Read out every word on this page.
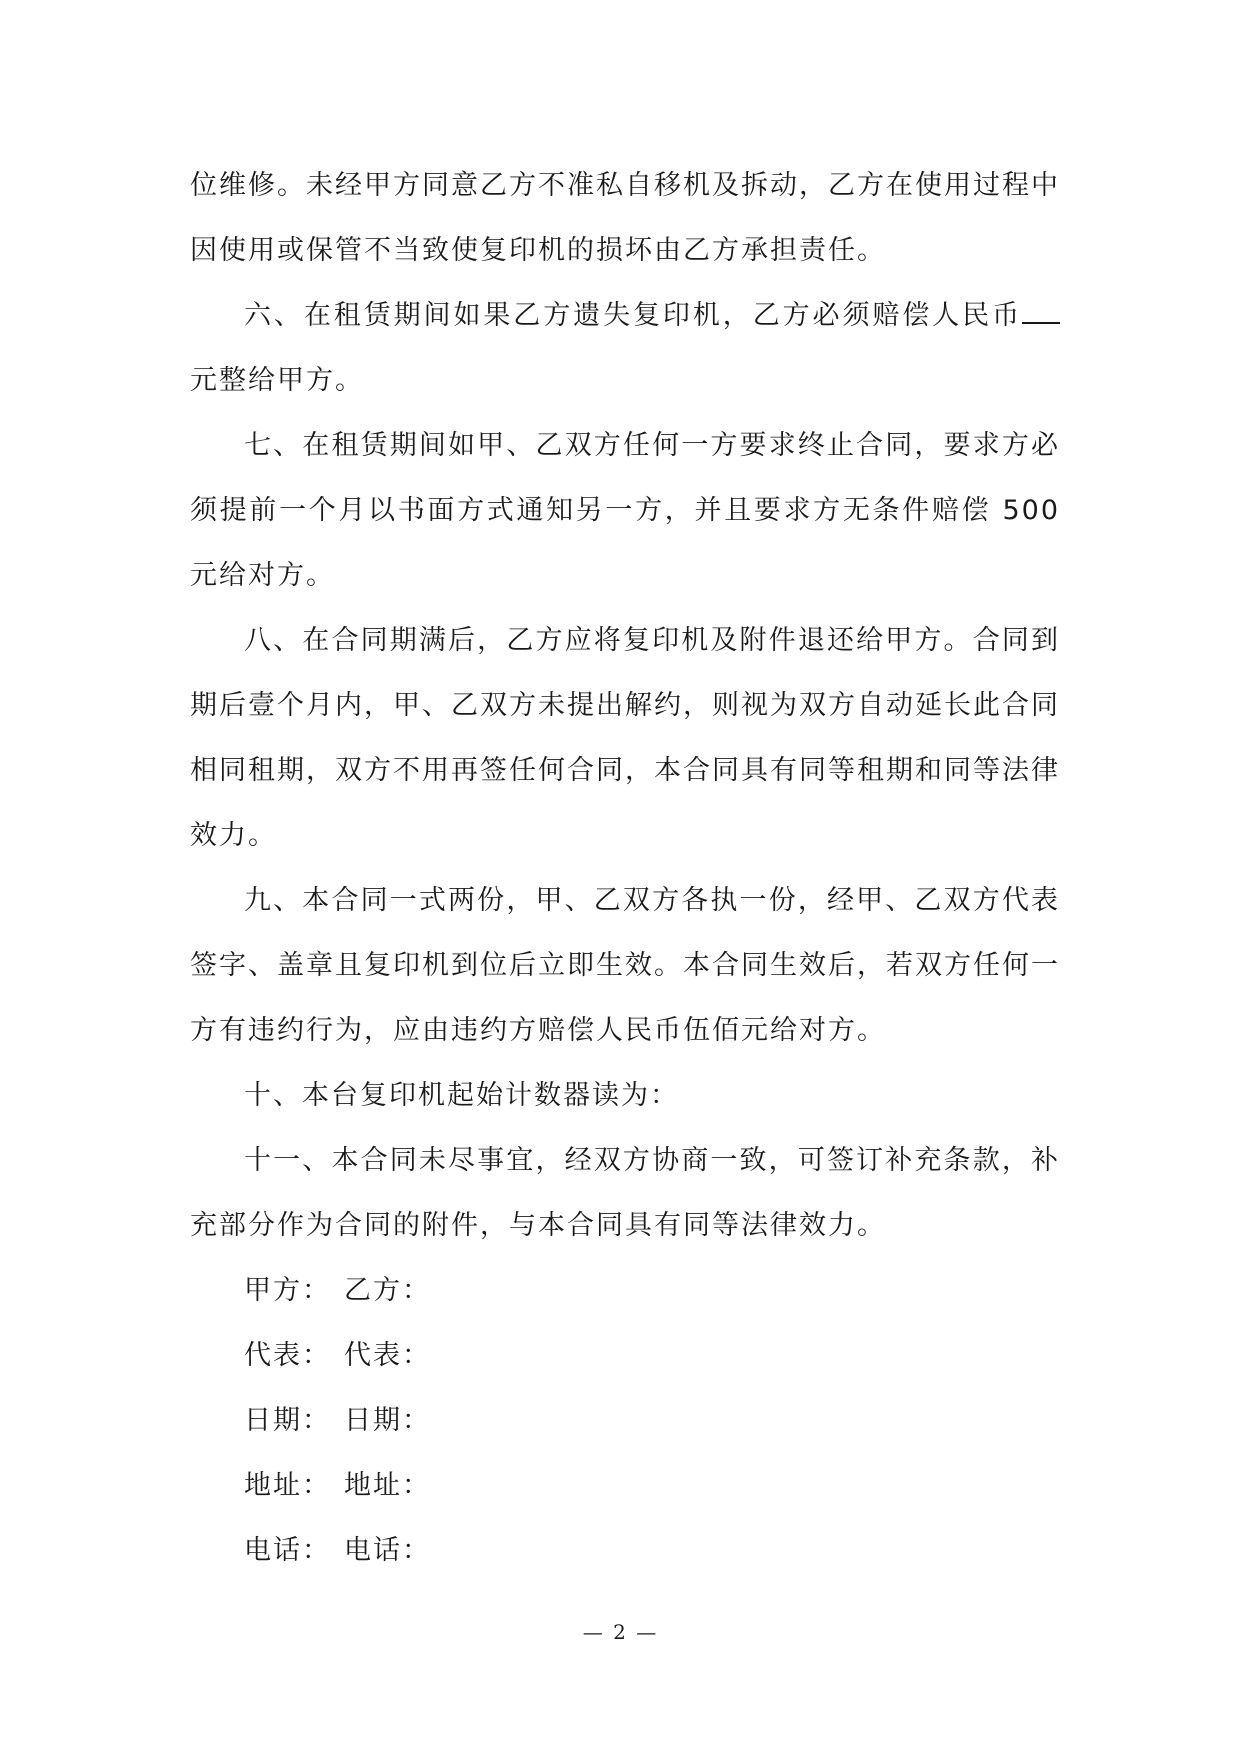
位维修。未经甲方同意乙方不准私自移机及拆动，乙方在使用过程中因使用或保管不当致使复印机的损坏由乙方承担责任。

六、在租赁期间如果乙方遗失复印机，乙方必须赔偿人民币元整给甲方。

七、在租赁期间如甲、乙双方任何一方要求终止合同，要求方必须提前一个月以书面方式通知另一方，并且要求方无条件赔偿 500 元给对方。

八、在合同期满后，乙方应将复印机及附件退还给甲方。合同到期后壹个月内，甲、乙双方未提出解约，则视为双方自动延长此合同相同租期，双方不用再签任何合同，本合同具有同等租期和同等法律效力。

九、本合同一式两份，甲、乙双方各执一份，经甲、乙双方代表签字、盖章且复印机到位后立即生效。本合同生效后，若双方任何一方有违约行为，应由违约方赔偿人民币伍佰元给对方。

十、本台复印机起始计数器读为：

十一、本合同未尽事宜，经双方协商一致，可签订补充条款，补充部分作为合同的附件，与本合同具有同等法律效力。

甲方： 乙方：

代表： 代表：

日期： 日期：

地址： 地址：

电话： 电话：

— 2 —
